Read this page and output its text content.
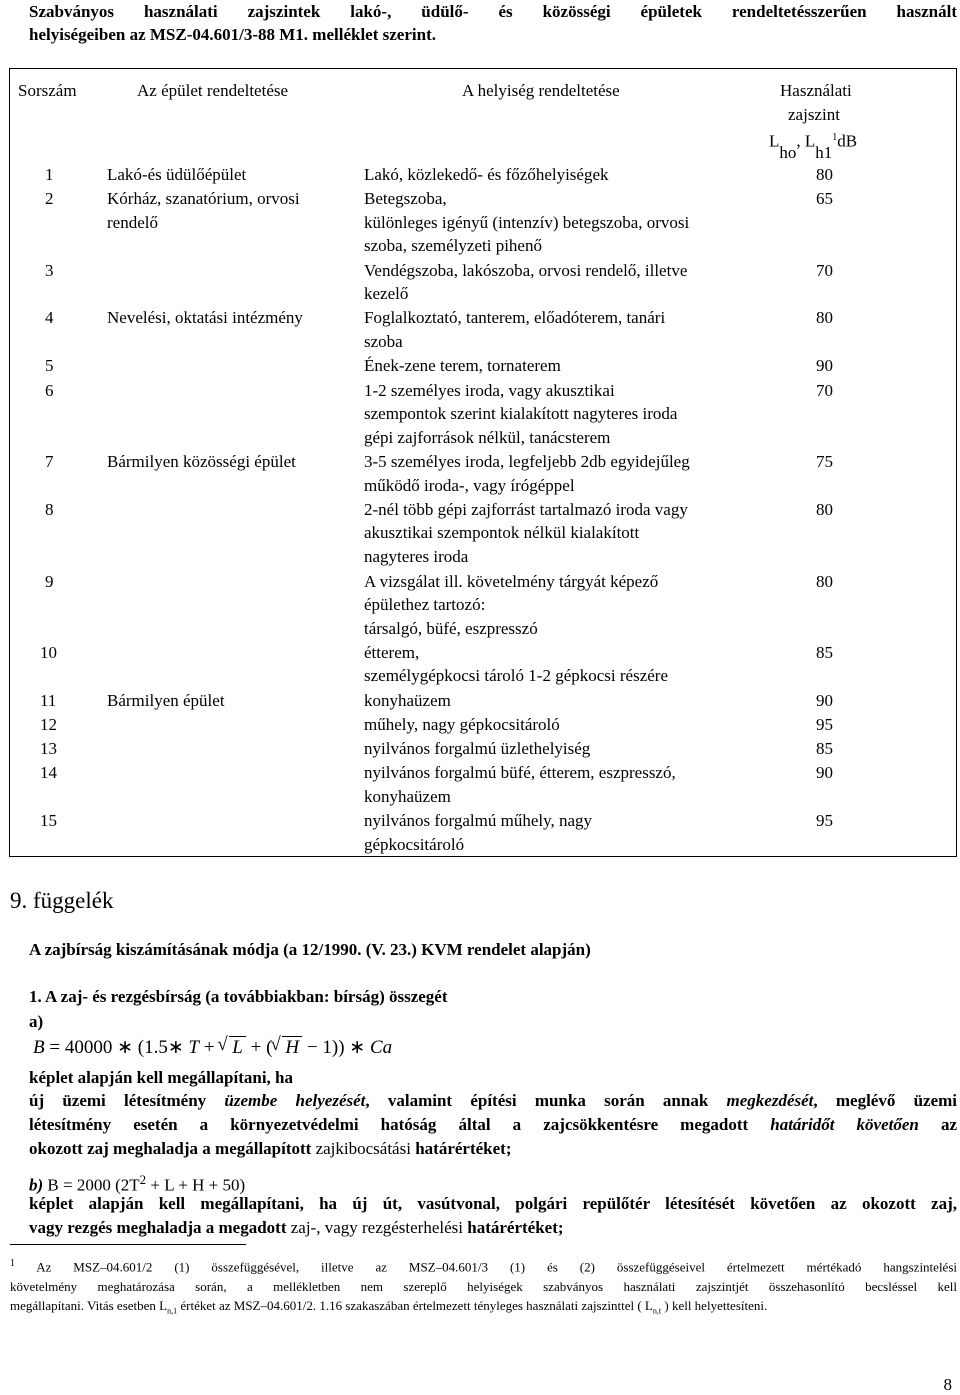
Szabványos használati zajszintek lakó-, üdülő- és közösségi épületek rendeltetésszerűen használt
helyiségeiben az MSZ-04.601/3-88 M1. melléklet szerint.
Sorszám	Az épület rendeltetése	A helyiség rendeltetése	Használati
zajszint
Lho, $Lh1^1dB$
1	Lakó-és üdülőépület	Lakó, közlekedő- és főzőhelyiségek	80
2	Kórház, szanatórium, orvosi
rendelő
Betegszoba,
különleges igényű (intenzív) betegszoba, orvosi
szoba, személyzeti pihenő
65
3	Vendégszoba, lakószoba, orvosi rendelő, illetve
kezelő
70
4	Nevelési, oktatási intézmény	Foglalkoztató, tanterem, előadóterem, tanári
szoba
80
5	Ének-zene terem, tornaterem	90
6	1-2 személyes iroda, vagy akusztikai
szempontok szerint kialakított nagyteres iroda
gépi zajforrások nélkül, tanácsterem
70
7	Bármilyen közösségi épület	3-5 személyes iroda, legfeljebb 2db egyidejűleg
működő iroda-, vagy írógéppel
75
8	2-nél több gépi zajforrást tartalmazó iroda vagy
akusztikai szempontok nélkül kialakított
nagyteres iroda
80
9	A vizsgálat ill. követelmény tárgyát képező
épülethez tartozó:
társalgó, büfé, eszpresszó
80
10	étterem,
személygépkocsi tároló 1-2 gépkocsi részére
85
11	Bármilyen épület	konyhaüzem	90
12	műhely, nagy gépkocsitároló	95
13	nyilvános forgalmú üzlethelyiség	85
14	nyilvános forgalmú büfé, étterem, eszpresszó,
konyhaüzem
90
15	nyilvános forgalmú műhely, nagy
gépkocsitároló
95
9. függelék
A zajbírság kiszámításának módja (a 12/1990. (V. 23.) KVM rendelet alapján)
1. A zaj- és rezgésbírság (a továbbiakban: bírság) összegét
a)
B = 40000 ∗ (1.5∗ T + √ L + (√ H − 1)) ∗ Ca
képlet alapján kell megállapítani, ha
új üzemi létesítmény üzembe helyezését, valamint építési munka során annak megkezdését, meglévő üzemi
létesítmény esetén a környezetvédelmi hatóság által a zajcsökkentésre megadott határidőt követően az
okozott zaj meghaladja a megállapított zajkibocsátási határértéket;
b) B = 2000 $(2T^2 + L + H + 50)$
képlet alapján kell megállapítani, ha új út, vasútvonal, polgári repülőtér létesítését követően az okozott zaj,
vagy rezgés meghaladja a megadott zaj-, vagy rezgésterhelési határértéket;
$^1$ Az MSZ–04.601/2 (1) összefüggésével, illetve az MSZ–04.601/3 (1) és (2) összefüggéseivel értelmezett mértékadó hangszintelési
követelmény meghatározása során, a mellékletben nem szereplő helyiségek szabványos használati zajszintjét összehasonlító becsléssel kell
megállapítani. Vitás esetben $L_{n,1}$ értéket az MSZ–04.601/2. 1.16 szakaszában értelmezett tényleges használati zajszinttel ( $L_{n,t}$ ) kell helyettesíteni.
8
